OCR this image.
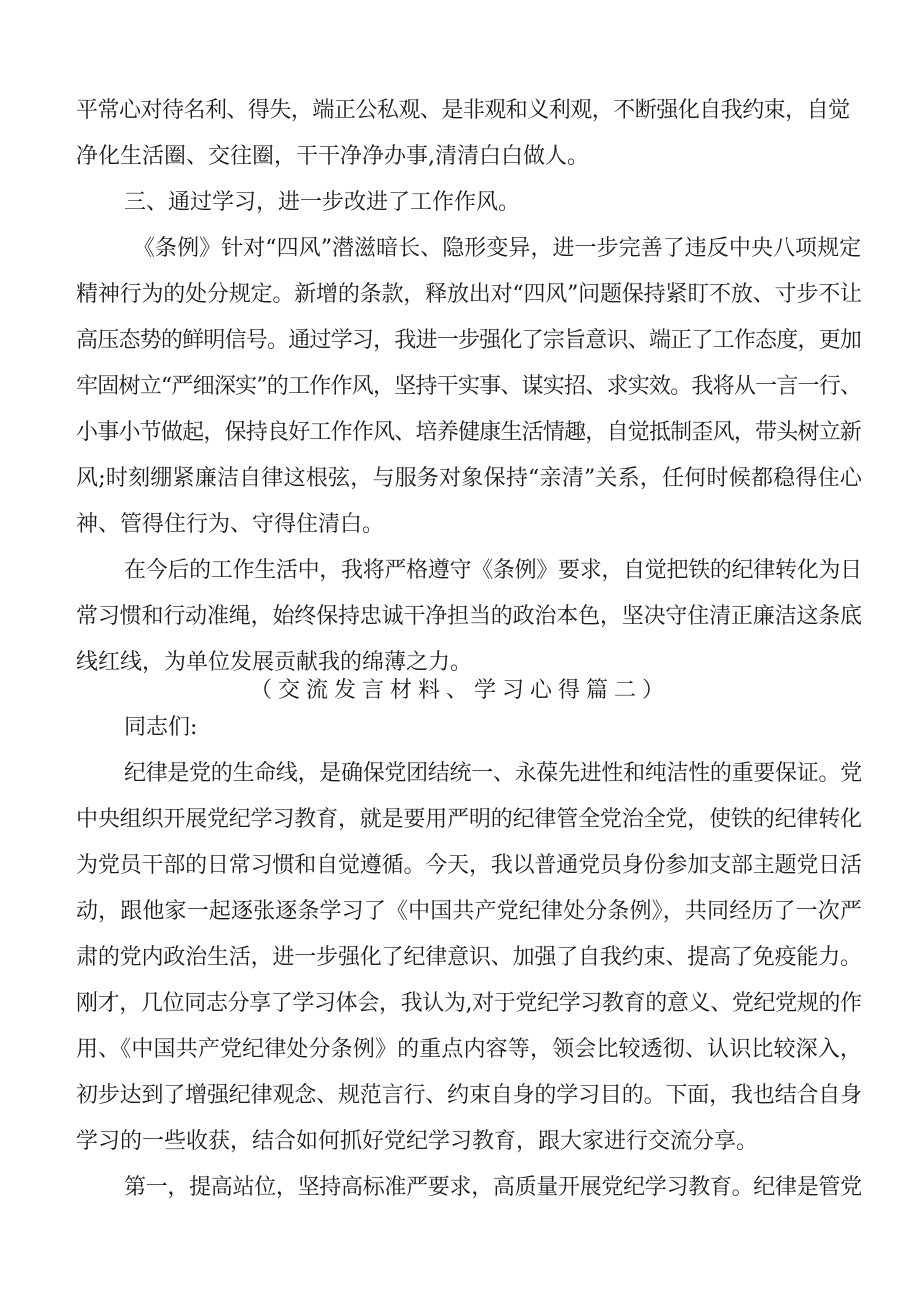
平常心对待名利、得失，端正公私观、是非观和义利观，不断强化自我约束，自觉
净化生活圈、交往圈，干干净净办事,清清白白做人。
三、通过学习，进一步改进了工作作风。
《条例》针对“四风”潜滋暗长、隐形变异，进一步完善了违反中央八项规定
精神行为的处分规定。新增的条款，释放出对“四风”问题保持紧盯不放、寸步不让
高压态势的鲜明信号。通过学习，我进一步强化了宗旨意识、端正了工作态度，更加
牢固树立“严细深实”的工作作风，坚持干实事、谋实招、求实效。我将从一言一行、
小事小节做起，保持良好工作作风、培养健康生活情趣，自觉抵制歪风，带头树立新
风;时刻绷紧廉洁自律这根弦，与服务对象保持“亲清”关系，任何时候都稳得住心
神、管得住行为、守得住清白。
在今后的工作生活中，我将严格遵守《条例》要求，自觉把铁的纪律转化为日
常习惯和行动准绳，始终保持忠诚干净担当的政治本色，坚决守住清正廉洁这条底
线红线，为单位发展贡献我的绵薄之力。
（交流发言材料、学习心得篇二）
同志们:
纪律是党的生命线，是确保党团结统一、永葆先进性和纯洁性的重要保证。党
中央组织开展党纪学习教育，就是要用严明的纪律管全党治全党，使铁的纪律转化
为党员干部的日常习惯和自觉遵循。今天，我以普通党员身份参加支部主题党日活
动，跟他家一起逐张逐条学习了《中国共产党纪律处分条例》，共同经历了一次严
肃的党内政治生活，进一步强化了纪律意识、加强了自我约束、提高了免疫能力。
刚才，几位同志分享了学习体会，我认为,对于党纪学习教育的意义、党纪党规的作
用、《中国共产党纪律处分条例》的重点内容等，领会比较透彻、认识比较深入，
初步达到了增强纪律观念、规范言行、约束自身的学习目的。下面，我也结合自身
学习的一些收获，结合如何抓好党纪学习教育，跟大家进行交流分享。
第一，提高站位，坚持高标准严要求，高质量开展党纪学习教育。纪律是管党
